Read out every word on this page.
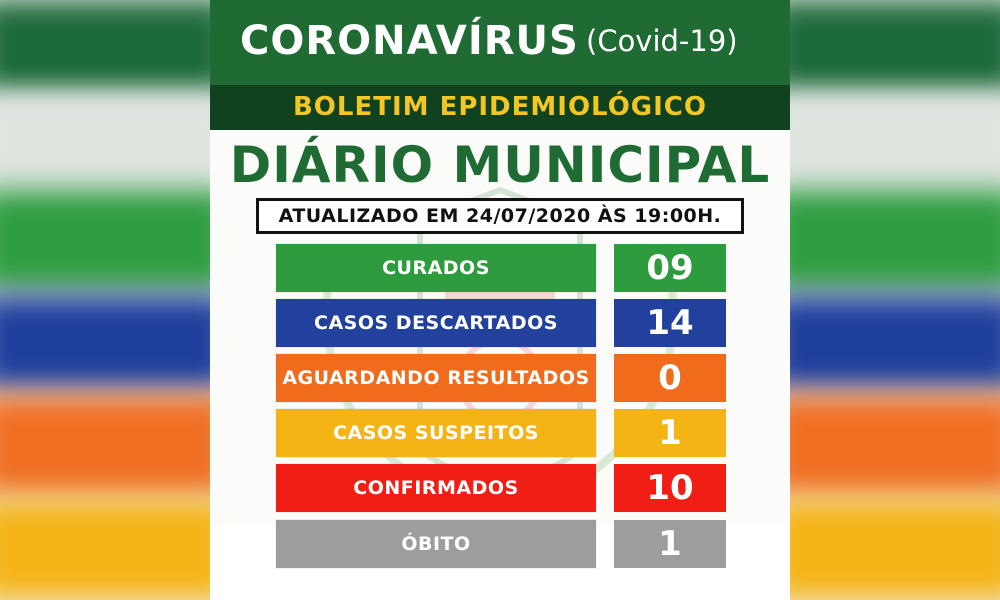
CORONAVÍRUS (Covid-19)
BOLETIM EPIDEMIOLÓGICO
DIÁRIO MUNICIPAL
ATUALIZADO EM 24/07/2020 ÀS 19:00H.
CURADOS	09
CASOS DESCARTADOS	14
AGUARDANDO RESULTADOS	0
CASOS SUSPEITOS	1
CONFIRMADOS	10
ÓBITO	1
